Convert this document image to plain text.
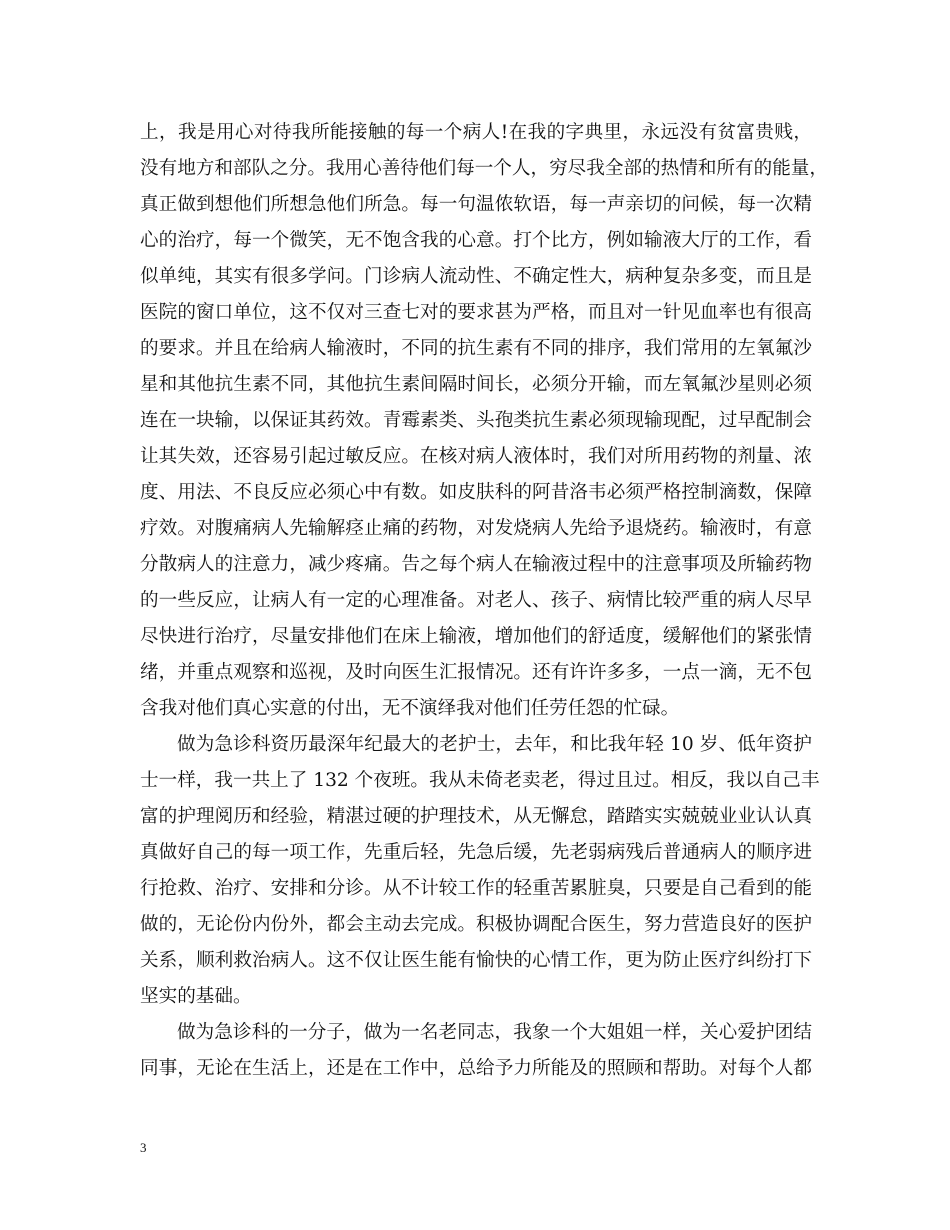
上，我是用心对待我所能接触的每一个病人!在我的字典里，永远没有贫富贵贱，
没有地方和部队之分。我用心善待他们每一个人，穷尽我全部的热情和所有的能量，
真正做到想他们所想急他们所急。每一句温侬软语，每一声亲切的问候，每一次精
心的治疗，每一个微笑，无不饱含我的心意。打个比方，例如输液大厅的工作，看
似单纯，其实有很多学问。门诊病人流动性、不确定性大，病种复杂多变，而且是
医院的窗口单位，这不仅对三查七对的要求甚为严格，而且对一针见血率也有很高
的要求。并且在给病人输液时，不同的抗生素有不同的排序，我们常用的左氧氟沙
星和其他抗生素不同，其他抗生素间隔时间长，必须分开输，而左氧氟沙星则必须
连在一块输，以保证其药效。青霉素类、头孢类抗生素必须现输现配，过早配制会
让其失效，还容易引起过敏反应。在核对病人液体时，我们对所用药物的剂量、浓
度、用法、不良反应必须心中有数。如皮肤科的阿昔洛韦必须严格控制滴数，保障
疗效。对腹痛病人先输解痉止痛的药物，对发烧病人先给予退烧药。输液时，有意
分散病人的注意力，减少疼痛。告之每个病人在输液过程中的注意事项及所输药物
的一些反应，让病人有一定的心理准备。对老人、孩子、病情比较严重的病人尽早
尽快进行治疗，尽量安排他们在床上输液，增加他们的舒适度，缓解他们的紧张情
绪，并重点观察和巡视，及时向医生汇报情况。还有许许多多，一点一滴，无不包
含我对他们真心实意的付出，无不演绎我对他们任劳任怨的忙碌。
做为急诊科资历最深年纪最大的老护士，去年，和比我年轻 10 岁、低年资护
士一样，我一共上了 132 个夜班。我从未倚老卖老，得过且过。相反，我以自己丰
富的护理阅历和经验，精湛过硬的护理技术，从无懈怠，踏踏实实兢兢业业认认真
真做好自己的每一项工作，先重后轻，先急后缓，先老弱病残后普通病人的顺序进
行抢救、治疗、安排和分诊。从不计较工作的轻重苦累脏臭，只要是自己看到的能
做的，无论份内份外，都会主动去完成。积极协调配合医生，努力营造良好的医护
关系，顺利救治病人。这不仅让医生能有愉快的心情工作，更为防止医疗纠纷打下
坚实的基础。
做为急诊科的一分子，做为一名老同志，我象一个大姐姐一样，关心爱护团结
同事，无论在生活上，还是在工作中，总给予力所能及的照顾和帮助。对每个人都
3
